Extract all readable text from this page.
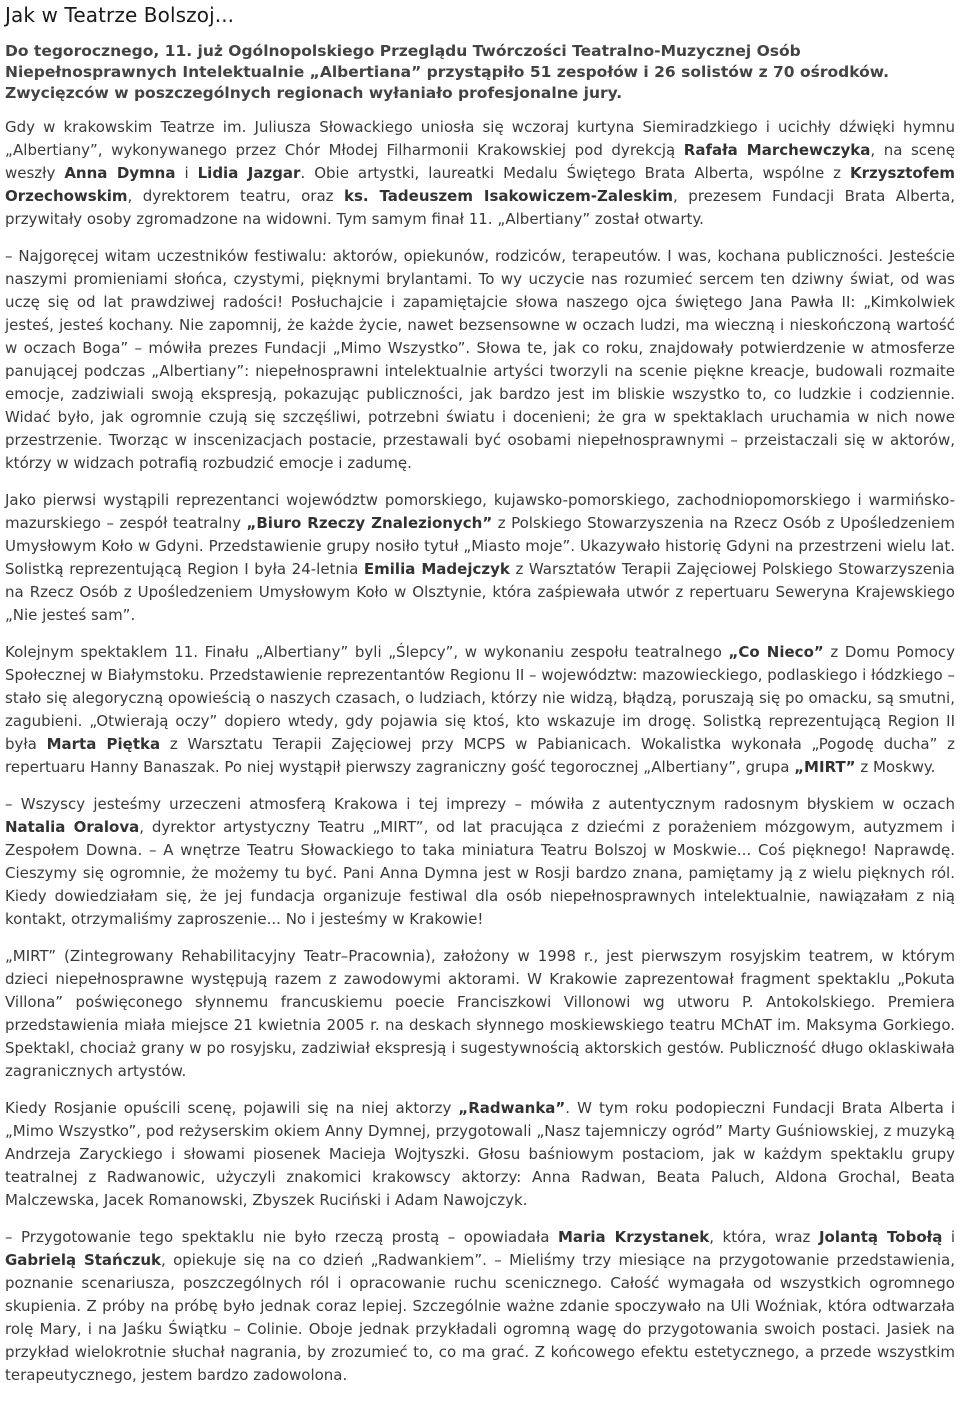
Jak w Teatrze Bolszoj...
Do tegorocznego, 11. już Ogólnopolskiego Przeglądu Twórczości Teatralno-Muzycznej Osób Niepełnosprawnych Intelektualnie „Albertiana” przystąpiło 51 zespołów i 26 solistów z 70 ośrodków. Zwycięzców w poszczególnych regionach wyłaniało profesjonalne jury.

Gdy w krakowskim Teatrze im. Juliusza Słowackiego uniosła się wczoraj kurtyna Siemiradzkiego i ucichły dźwięki hymnu „Albertiany”, wykonywanego przez Chór Młodej Filharmonii Krakowskiej pod dyrekcją Rafała Marchewczyka, na scenę weszły Anna Dymna i Lidia Jazgar. Obie artystki, laureatki Medalu Świętego Brata Alberta, wspólne z Krzysztofem Orzechowskim, dyrektorem teatru, oraz ks. Tadeuszem Isakowiczem-Zaleskim, prezesem Fundacji Brata Alberta, przywitały osoby zgromadzone na widowni. Tym samym finał 11. „Albertiany” został otwarty.

– Najgoręcej witam uczestników festiwalu: aktorów, opiekunów, rodziców, terapeutów. I was, kochana publiczności. Jesteście naszymi promieniami słońca, czystymi, pięknymi brylantami. To wy uczycie nas rozumieć sercem ten dziwny świat, od was uczę się od lat prawdziwej radości! Posłuchajcie i zapamiętajcie słowa naszego ojca świętego Jana Pawła II: „Kimkolwiek jesteś, jesteś kochany. Nie zapomnij, że każde życie, nawet bezsensowne w oczach ludzi, ma wieczną i nieskończoną wartość w oczach Boga” – mówiła prezes Fundacji „Mimo Wszystko”. Słowa te, jak co roku, znajdowały potwierdzenie w atmosferze panującej podczas „Albertiany”: niepełnosprawni intelektualnie artyści tworzyli na scenie piękne kreacje, budowali rozmaite emocje, zadziwiali swoją ekspresją, pokazując publiczności, jak bardzo jest im bliskie wszystko to, co ludzkie i codziennie. Widać było, jak ogromnie czują się szczęśliwi, potrzebni światu i docenieni; że gra w spektaklach uruchamia w nich nowe przestrzenie. Tworząc w inscenizacjach postacie, przestawali być osobami niepełnosprawnymi – przeistaczali się w aktorów, którzy w widzach potrafią rozbudzić emocje i zadumę.

Jako pierwsi wystąpili reprezentanci województw pomorskiego, kujawsko-pomorskiego, zachodniopomorskiego i warmińsko-mazurskiego – zespół teatralny „Biuro Rzeczy Znalezionych” z Polskiego Stowarzyszenia na Rzecz Osób z Upośledzeniem Umysłowym Koło w Gdyni. Przedstawienie grupy nosiło tytuł „Miasto moje”. Ukazywało historię Gdyni na przestrzeni wielu lat. Solistką reprezentującą Region I była 24-letnia Emilia Madejczyk z Warsztatów Terapii Zajęciowej Polskiego Stowarzyszenia na Rzecz Osób z Upośledzeniem Umysłowym Koło w Olsztynie, która zaśpiewała utwór z repertuaru Seweryna Krajewskiego „Nie jesteś sam”.

Kolejnym spektaklem 11. Finału „Albertiany” byli „Ślepcy”, w wykonaniu zespołu teatralnego „Co Nieco” z Domu Pomocy Społecznej w Białymstoku. Przedstawienie reprezentantów Regionu II – województw: mazowieckiego, podlaskiego i łódzkiego – stało się alegoryczną opowieścią o naszych czasach, o ludziach, którzy nie widzą, błądzą, poruszają się po omacku, są smutni, zagubieni. „Otwierają oczy” dopiero wtedy, gdy pojawia się ktoś, kto wskazuje im drogę. Solistką reprezentującą Region II była Marta Piętka z Warsztatu Terapii Zajęciowej przy MCPS w Pabianicach. Wokalistka wykonała „Pogodę ducha” z repertuaru Hanny Banaszak. Po niej wystąpił pierwszy zagraniczny gość tegorocznej „Albertiany”, grupa „MIRT” z Moskwy.

– Wszyscy jesteśmy urzeczeni atmosferą Krakowa i tej imprezy – mówiła z autentycznym radosnym błyskiem w oczach Natalia Oralova, dyrektor artystyczny Teatru „MIRT”, od lat pracująca z dziećmi z porażeniem mózgowym, autyzmem i Zespołem Downa. – A wnętrze Teatru Słowackiego to taka miniatura Teatru Bolszoj w Moskwie... Coś pięknego! Naprawdę. Cieszymy się ogromnie, że możemy tu być. Pani Anna Dymna jest w Rosji bardzo znana, pamiętamy ją z wielu pięknych ról. Kiedy dowiedziałam się, że jej fundacja organizuje festiwal dla osób niepełnosprawnych intelektualnie, nawiązałam z nią kontakt, otrzymaliśmy zaproszenie... No i jesteśmy w Krakowie!

„MIRT” (Zintegrowany Rehabilitacyjny Teatr–Pracownia), założony w 1998 r., jest pierwszym rosyjskim teatrem, w którym dzieci niepełnosprawne występują razem z zawodowymi aktorami. W Krakowie zaprezentował fragment spektaklu „Pokuta Villona” poświęconego słynnemu francuskiemu poecie Franciszkowi Villonowi wg utworu P. Antokolskiego. Premiera przedstawienia miała miejsce 21 kwietnia 2005 r. na deskach słynnego moskiewskiego teatru MChAT im. Maksyma Gorkiego. Spektakl, chociaż grany w po rosyjsku, zadziwiał ekspresją i sugestywnością aktorskich gestów. Publiczność długo oklaskiwała zagranicznych artystów.

Kiedy Rosjanie opuścili scenę, pojawili się na niej aktorzy „Radwanka”. W tym roku podopieczni Fundacji Brata Alberta i „Mimo Wszystko”, pod reżyserskim okiem Anny Dymnej, przygotowali „Nasz tajemniczy ogród” Marty Guśniowskiej, z muzyką Andrzeja Zaryckiego i słowami piosenek Macieja Wojtyszki. Głosu baśniowym postaciom, jak w każdym spektaklu grupy teatralnej z Radwanowic, użyczyli znakomici krakowscy aktorzy: Anna Radwan, Beata Paluch, Aldona Grochal, Beata Malczewska, Jacek Romanowski, Zbyszek Ruciński i Adam Nawojczyk.

– Przygotowanie tego spektaklu nie było rzeczą prostą – opowiadała Maria Krzystanek, która, wraz Jolantą Tobołą i Gabrielą Stańczuk, opiekuje się na co dzień „Radwankiem”. – Mieliśmy trzy miesiące na przygotowanie przedstawienia, poznanie scenariusza, poszczególnych ról i opracowanie ruchu scenicznego. Całość wymagała od wszystkich ogromnego skupienia. Z próby na próbę było jednak coraz lepiej. Szczególnie ważne zdanie spoczywało na Uli Woźniak, która odtwarzała rolę Mary, i na Jaśku Świątku – Colinie. Oboje jednak przykładali ogromną wagę do przygotowania swoich postaci. Jasiek na przykład wielokrotnie słuchał nagrania, by zrozumieć to, co ma grać. Z końcowego efektu estetycznego, a przede wszystkim terapeutycznego, jestem bardzo zadowolona.
